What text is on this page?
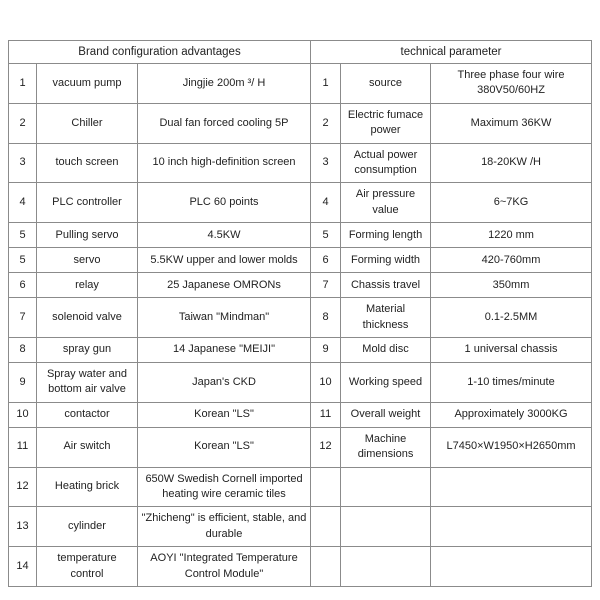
Brand configuration advantages			technical parameter		
1	vacuum pump	Jingjie 200m ³/ H	1	source	Three phase four wire 380V50/60HZ
2	Chiller	Dual fan forced cooling 5P	2	Electric fumace power	Maximum 36KW
3	touch screen	10 inch high-definition screen	3	Actual power consumption	18-20KW /H
4	PLC controller	PLC 60 points	4	Air pressure value	6~7KG
5	Pulling servo	4.5KW	5	Forming length	1220 mm
5	servo	5.5KW upper and lower molds	6	Forming width	420-760mm
6	relay	25 Japanese OMRONs	7	Chassis travel	350mm
7	solenoid valve	Taiwan "Mindman"	8	Material thickness	0.1-2.5MM
8	spray gun	14 Japanese "MEIJI"	9	Mold disc	1 universal chassis
9	Spray water and bottom air valve	Japan's CKD	10	Working speed	1-10 times/minute
10	contactor	Korean "LS"	11	Overall weight	Approximately 3000KG
11	Air switch	Korean "LS"	12	Machine dimensions	L7450×W1950×H2650mm
12	Heating brick	650W Swedish Cornell imported heating wire ceramic tiles			
13	cylinder	"Zhicheng" is efficient, stable, and durable			
14	temperature control	AOYI "Integrated Temperature Control Module"			
